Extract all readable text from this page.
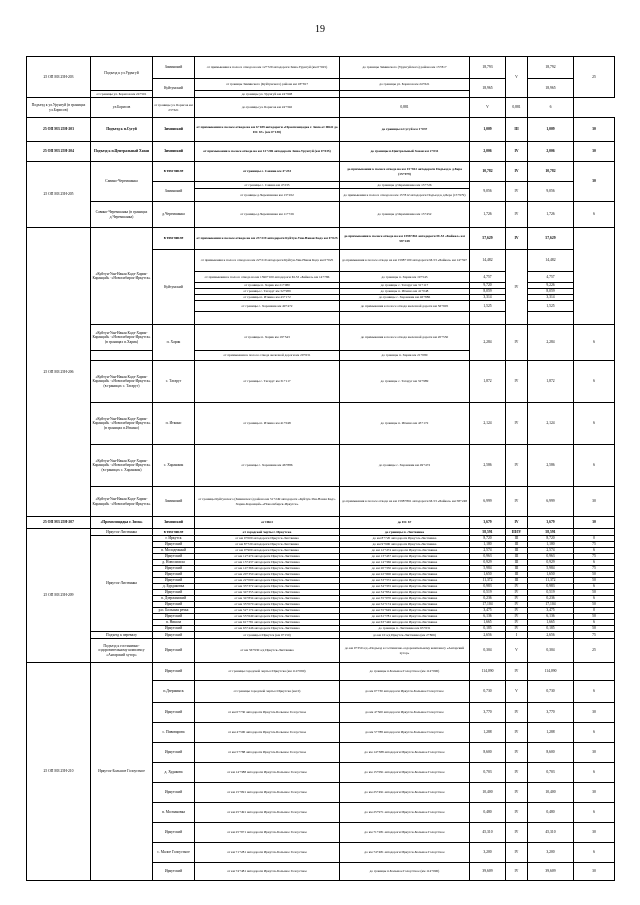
19
25 ОП МЗ 25Н-203	Подъезд к ул.Урунгуй	Зиминский	от примыкания к полосе отвода на км 12+729 автодороги Зима-Урунгуй (км 0+025)	до границы Зиминского (Урунгуйского) района км 15+817	18,793	V	18,792	25
		Куйтунский	от границы Зиминского (Куйтунского) района км 18+817	до границы ул. Борисов км 24+621	18,965		18,965	
	от границы ул. Борисов км 24+501		до границы ул. Урунгуй км 24+908					
Подъезд к ул.Урунгуй (в границах ул.Борисов)	ул.Борисов	от границы ул. Борисов км 23+621	до границы ул. Борисов км 24+392	0,881	V	0,881	6	
25 ОП МЗ 25Н-203	Подъезд к п.Сугуй	Зиминский	от примыкания к полосе отвода на км 6+189 автодороги «Промплощадка г. Зима от ПКО до ПС 67» (км 0+138)	до границы п.Сугуй км 1+037	1,009	III	1,009	30
25 ОП МЗ 25Н-204	Подъезд к п.Центральный Хазан	Зиминский	от примыкания к полосе отвода на км 12+206 автодороги Зима-Урунгуй (км 0+035)	до границы п.Центральный Хазан км 2+031	2,006	IV	2,006	30
25 ОП МЗ 25Н-205	Савино-Черемшанка	в том числе	от границы с. Савина км 4+233	до примыкания к полосе отвода на км 15+812 автодороги Подъезд к д.Бера (15+979)	10,782	IV	10,782	30
		Зиминский	от границы с. Савина км 4+233	до границы д.Черемшанка км 13+726	9,056	IV	9,056	
			от границы д.Черемшанка км 13+452	до примыкания к полосе отвода на км 15+812 автодороги Подъезд к д.Бера (15+979)				
	Савино-Черемшанка (в границах д.Черемшанка)	д.Черемшанка	от границы д.Черемшанка км 11+726	до границы д.Черемшанка км 13+452	1,726	IV	1,726	6
25 ОП МЗ 25Н-206	«Куйтун-Уян-Наная Кадэ-Харик-Каранцай» -«Новосибирск-Иркутск»	в том числе	от примыкания к полосе отвода на км 23+219 автодороги Куйтун-Уян-Наная Кадэ км 0+025	до примыкания к полосе отвода на км 1598+861 автодороги М-53 «Байкал» км 58+248	57,629	IV	57,629	
		Куйтунский	от примыкания к полосе отвода на км 22+219 автодороги Куйтун-Уян-Наная Кадэ км 0+025	до примыкания к полосе отвода на км 1598+100 автодороги М-53 «Байкал» км 14+597	14,482	IV	14,482	
			от примыкания к полосе отвода на км 1590+100 автодороги М-53 «Байкал» км 14+786	до границы п. Харик км 19+543	4,757		4,757	
			от границы п. Харик км 21+080	до границы с. Тагаруг км 31+117	9,720		9,226	
			от границы с. Тагаруг км 32+989	до границы п. Иткино км 41+048	8,059		8,059	
			от границы п. Иткино км 43+172	до границы с. Харанжик км 46+886	3,314		3,314	
			от границы с. Харанжик км 49+472	до примыкания к полосе отвода железной дороги км 56+905	1,525		1,525	

	«Куйтун-Уян-Наная Кадэ-Харик-Каранцай» -«Новосибирск-Иркутск» (в границах п.Харик)	п. Харик	от границы п. Харик км 19+543	до примыкания к полосе отвода железной дороги км 20+550	2,284	IV	2,284	6
			от примыкания к полосе отвода железной дороги км 20+631	до границы п. Харик км 21+080				
	«Куйтун-Уян-Наная Кадэ-Харик-Каранцай» -«Новосибирск-Иркутск» (в границах с. Тагаруг)	с. Тагаруг	от границы с. Тагаруг км 31+117	до границы с. Тагаруг км 32+989	1,872	IV	1,872	6
	«Куйтун-Уян-Наная Кадэ-Харик-Каранцай» -«Новосибирск-Иркутск» (в границах п.Иткино)	п. Иткино	от границы п. Иткино км 41+048	до границы п. Иткино км 43+172	2,124	IV	2,124	6
	«Куйтун-Уян-Наная Кадэ-Харик-Каранцай» -«Новосибирск-Иркутск» (в границах с. Харанжик)	с. Харанжик	от границы с. Харанжик км 46+886	до границы с. Харанжик км 49+472	2,586	IV	2,586	6
	«Куйтун-Уян-Наная Кадэ-Харик-Каранцай» -«Новосибирск-Иркутск»	Зиминский	от границы Куйтунского (Зиминского) района км 51+249 автодороги «Куйтун-Уян-Наная Кадэ-Харик-Каранцай»-«Новосибирск-Иркутск»	до примыкания к полосе отвода на км 1598+861 автодороги М-53 «Байкал» км 58+248	6,999	IV	6,999	30
25 ОП МЗ 25Н-207	«Промплощадка г. Зима»	Зиминский	от ПКО	до ПС 67	3,679	IV	3,679	30
25 ОП МЗ 25Н-209	Иркутск-Листвянка	в том числе	от городской черты г. Иркутска	до границы п. Листвянка	58,591	III/IV	58,591	
	Иркутск-Листвянка	г. Иркутск	от км 0+000 автодороги Иркутск-Листвянка	до км 8+720 автодороги Иркутск-Листвянка	8,720	III	8,720	0
		Иркутский	от км 8+720 автодороги Иркутск-Листвянка	до км 9+900 автодороги Иркутск-Листвянка	1,180	III	1,180	75
		п. Молодежный	от км 9+900 автодороги Иркутск-Листвянка	до км 12+474 автодороги Иркутск-Листвянка	2,574	III	2,574	6
		Иркутский	от км 12+474 автодороги Иркутск-Листвянка	до км 13+437 автодороги Иркутск-Листвянка	0,963	III	0,963	75
		д. Новолисиха	от км 13+437 автодороги Иркутск-Листвянка	до км 14+366 автодороги Иркутск-Листвянка	0,929	III	0,929	6
		Иркутский	от км 14+366 автодороги Иркутск-Листвянка	до км 20+350 автодороги Иркутск-Листвянка	5,984	III	5,984	75
		Иркутский	от км 20+350 автодороги Иркутск-Листвянка	до км 22+000 автодороги Иркутск-Листвянка	1,650	III	1,650	50
		Иркутский	от км 22+000 автодороги Иркутск-Листвянка	до км 33+372 автодороги Иркутск-Листвянка	11,372	III	11,372	50
		д. Бурдаковка	от км 33+372 автодороги Иркутск-Листвянка	до км 34+355 автодороги Иркутск-Листвянка	0,983	IV	0,983	6
		Иркутский	от км 34+355 автодороги Иркутск-Листвянка	до км 34+834 автодороги Иркутск-Листвянка	0,519	IV	0,519	50
		п. Дзержинский	от км 34+834 автодороги Иркутск-Листвянка	до км 35+070 автодороги Иркутск-Листвянка	0,236	IV	0,236	6
		Иркутский	от км 35+070 автодороги Иркутск-Листвянка	до км 52+174 автодороги Иркутск-Листвянка	17,104	IV	17,104	50
		р.п. Большая речка	от км 52+174 автодороги Иркутск-Листвянка	до км 55+649 автодороги Иркутск-Листвянка	3,475	IV	3,475	0
		Иркутский	от км 55+649 автодороги Иркутск-Листвянка	до км 61+781 автодороги Иркутск-Листвянка	6,136	IV	6,136	50
		п. Никола	от км 61+781 автодороги Иркутск-Листвянка	до км 63+446 автодороги Иркутск-Листвянка	1,665	IV	1,665	6
		Иркутский	от км 63+446 автодороги Иркутск-Листвянка	до границы п. Листвянка км 63+631	0,185	IV	0,185	50
	Подъезд к перевалу	Иркутский	от границы г.Иркутск (км 0+150)	до км 10 а/д Иркутск-Листвянка (км 2+806)	2,656	I	2,656	75
	Подъезд к гостинично-оздоровительному комплексу «Ангарский хутор»	Иркутский	от км 56+930 а/д Иркутск-Листвянка	до км 0+350 а/д «Подъезд к гостинично-оздоровительному комплексу «Ангарский хутор»	0,304	V	0,304	25
25 ОП МЗ 25Н-210	Иркутск-Большое Голоустное	Иркутский	от границы городской черты г.Иркутска (км 114+090)	до границы п.Большое Голоустное (км 114+090)	114,090	IV	114,090	
		п.Дзержинск	от границы городской черты г.Иркутска (км 0)	до км 0+730 автодороги Иркутск-Большое Голоустное	0,730	V	0,730	6
		Иркутский	от км 0+730 автодороги Иркутск-Большое Голоустное	до км 4+500 автодороги Иркутск-Большое Голоустное	3,770	IV	3,770	30
		с. Пивоварова	от км 4+500 автодороги Иркутск-Большое Голоустное	до км 5+788 автодороги Иркутск-Большое Голоустное	1,288	IV	1,288	6
		Иркутский	от км 5+788 автодороги Иркутск-Большое Голоустное	до км 14+388 автодороги Иркутск-Большое Голоустное	8,600	IV	8,600	30
		д. Худякова	от км 14+388 автодороги Иркутск-Большое Голоустное	до км 15+091 автодороги Иркутск-Большое Голоустное	0,703	IV	0,703	6
		Иркутский	от км 15+091 автодороги Иркутск-Большое Голоустное	до км 25+491 автодороги Иркутск-Большое Голоустное	10,400	IV	10,400	30
		п. Молчановка	от км 25+491 автодороги Иркутск-Большое Голоустное	до км 25+971 автодороги Иркутск-Большое Голоустное	0,480	IV	0,480	6
		Иркутский	от км 25+971 автодороги Иркутск-Большое Голоустное	до км 71+281 автодороги Иркутск-Большое Голоустное	45,310	IV	45,310	30
		с. Малое Голоустное	от км 71+281 автодороги Иркутск-Большое Голоустное	до км 74+481 автодороги Иркутск-Большое Голоустное	3,200	IV	3,200	6
		Иркутский	от км 74+481 автодороги Иркутск-Большое Голоустное	до границы п.Большое Голоустное (км 114+090)	39,609	IV	39,609	30
